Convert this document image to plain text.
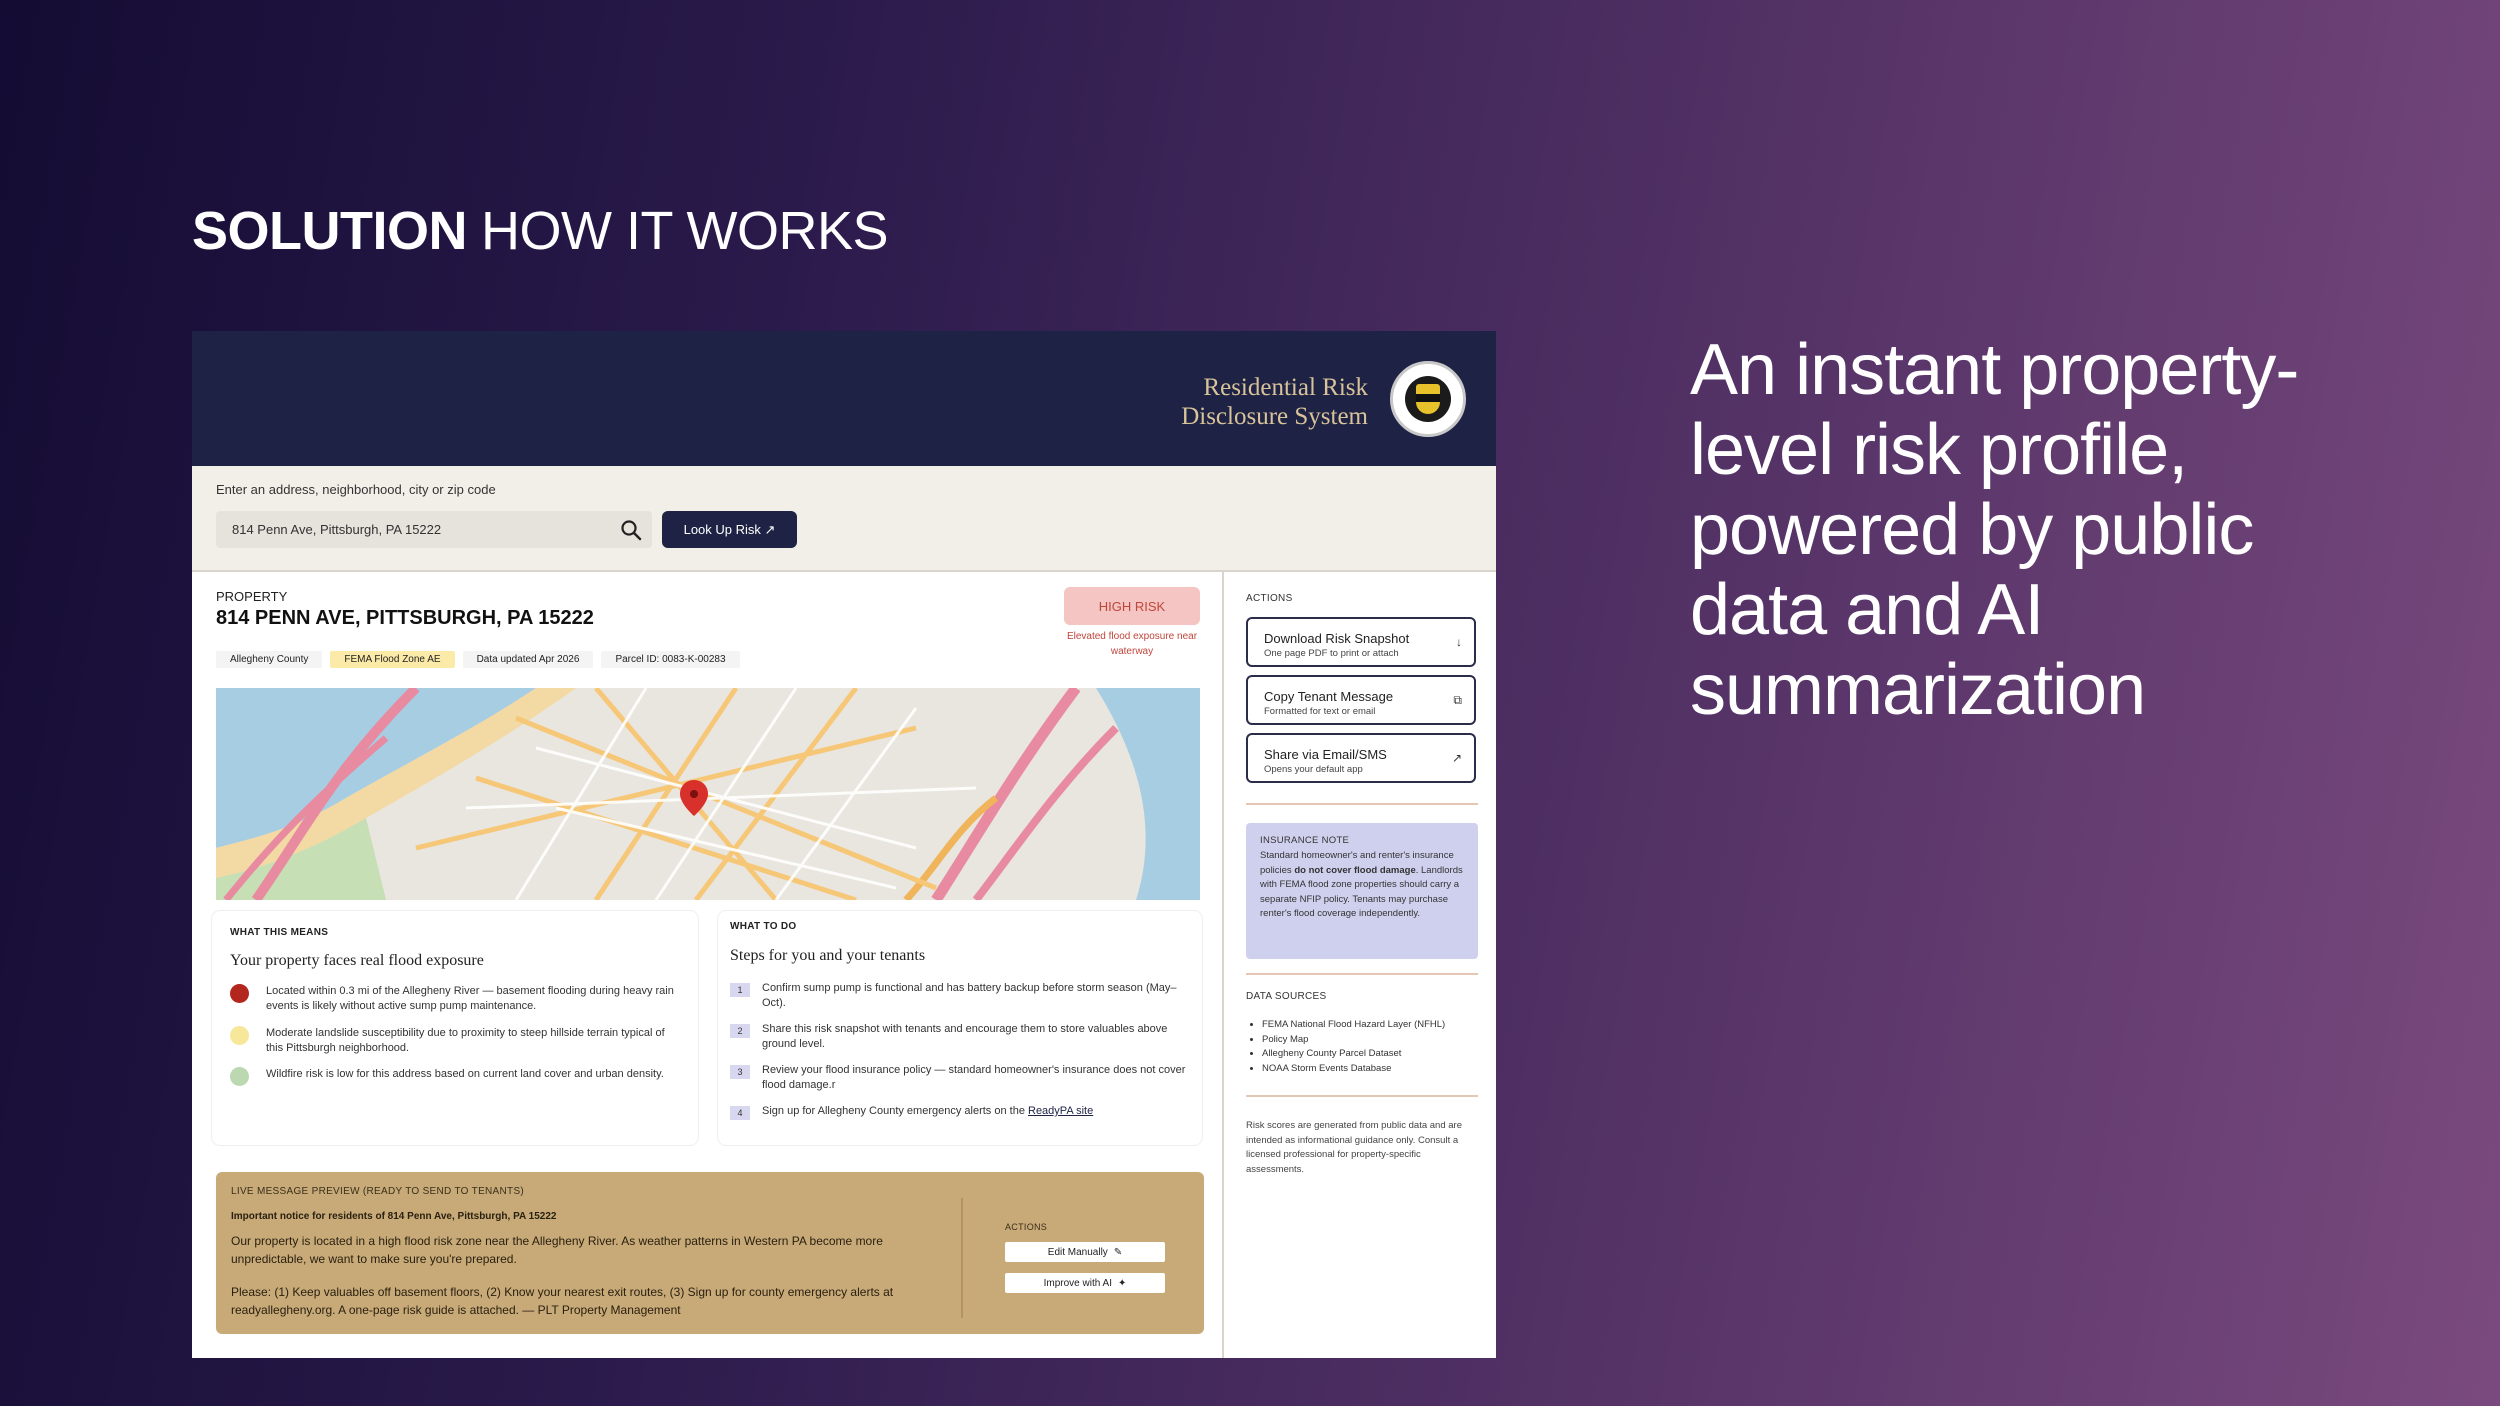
SOLUTION HOW IT WORKS
An instant property-level risk profile, powered by public data and AI summarization
Residential Risk
Disclosure System
Enter an address, neighborhood, city or zip code
814 Penn Ave, Pittsburgh, PA 15222
Look Up Risk ↗
PROPERTY
814 PENN AVE, PITTSBURGH, PA 15222
Allegheny County	FEMA Flood Zone AE	Data updated Apr 2026	Parcel ID: 0083-K-00283
HIGH RISK
Elevated flood exposure near waterway
WHAT THIS MEANS
Your property faces real flood exposure
Located within 0.3 mi of the Allegheny River — basement flooding during heavy rain events is likely without active sump pump maintenance.
Moderate landslide susceptibility due to proximity to steep hillside terrain typical of this Pittsburgh neighborhood.
Wildfire risk is low for this address based on current land cover and urban density.
WHAT TO DO
Steps for you and your tenants
1	Confirm sump pump is functional and has battery backup before storm season (May–Oct).
2	Share this risk snapshot with tenants and encourage them to store valuables above ground level.
3	Review your flood insurance policy — standard homeowner's insurance does not cover flood damage.r
4	Sign up for Allegheny County emergency alerts on the ReadyPA site
LIVE MESSAGE PREVIEW (READY TO SEND TO TENANTS)
Important notice for residents of 814 Penn Ave, Pittsburgh, PA 15222
Our property is located in a high flood risk zone near the Allegheny River. As weather patterns in Western PA become more unpredictable, we want to make sure you're prepared.
Please: (1) Keep valuables off basement floors, (2) Know your nearest exit routes, (3) Sign up for county emergency alerts at readyallegheny.org. A one-page risk guide is attached. — PLT Property Management
ACTIONS
Edit Manually ✎
Improve with AI ✦
ACTIONS
Download Risk Snapshot
One page PDF to print or attach
↓
Copy Tenant Message
Formatted for text or email
⧉
Share via Email/SMS
Opens your default app
↗
INSURANCE NOTE
Standard homeowner's and renter's insurance policies do not cover flood damage. Landlords with FEMA flood zone properties should carry a separate NFIP policy. Tenants may purchase renter's flood coverage independently.
DATA SOURCES
• FEMA National Flood Hazard Layer (NFHL)
• Policy Map
• Allegheny County Parcel Dataset
• NOAA Storm Events Database
Risk scores are generated from public data and are intended as informational guidance only. Consult a licensed professional for property-specific assessments.
